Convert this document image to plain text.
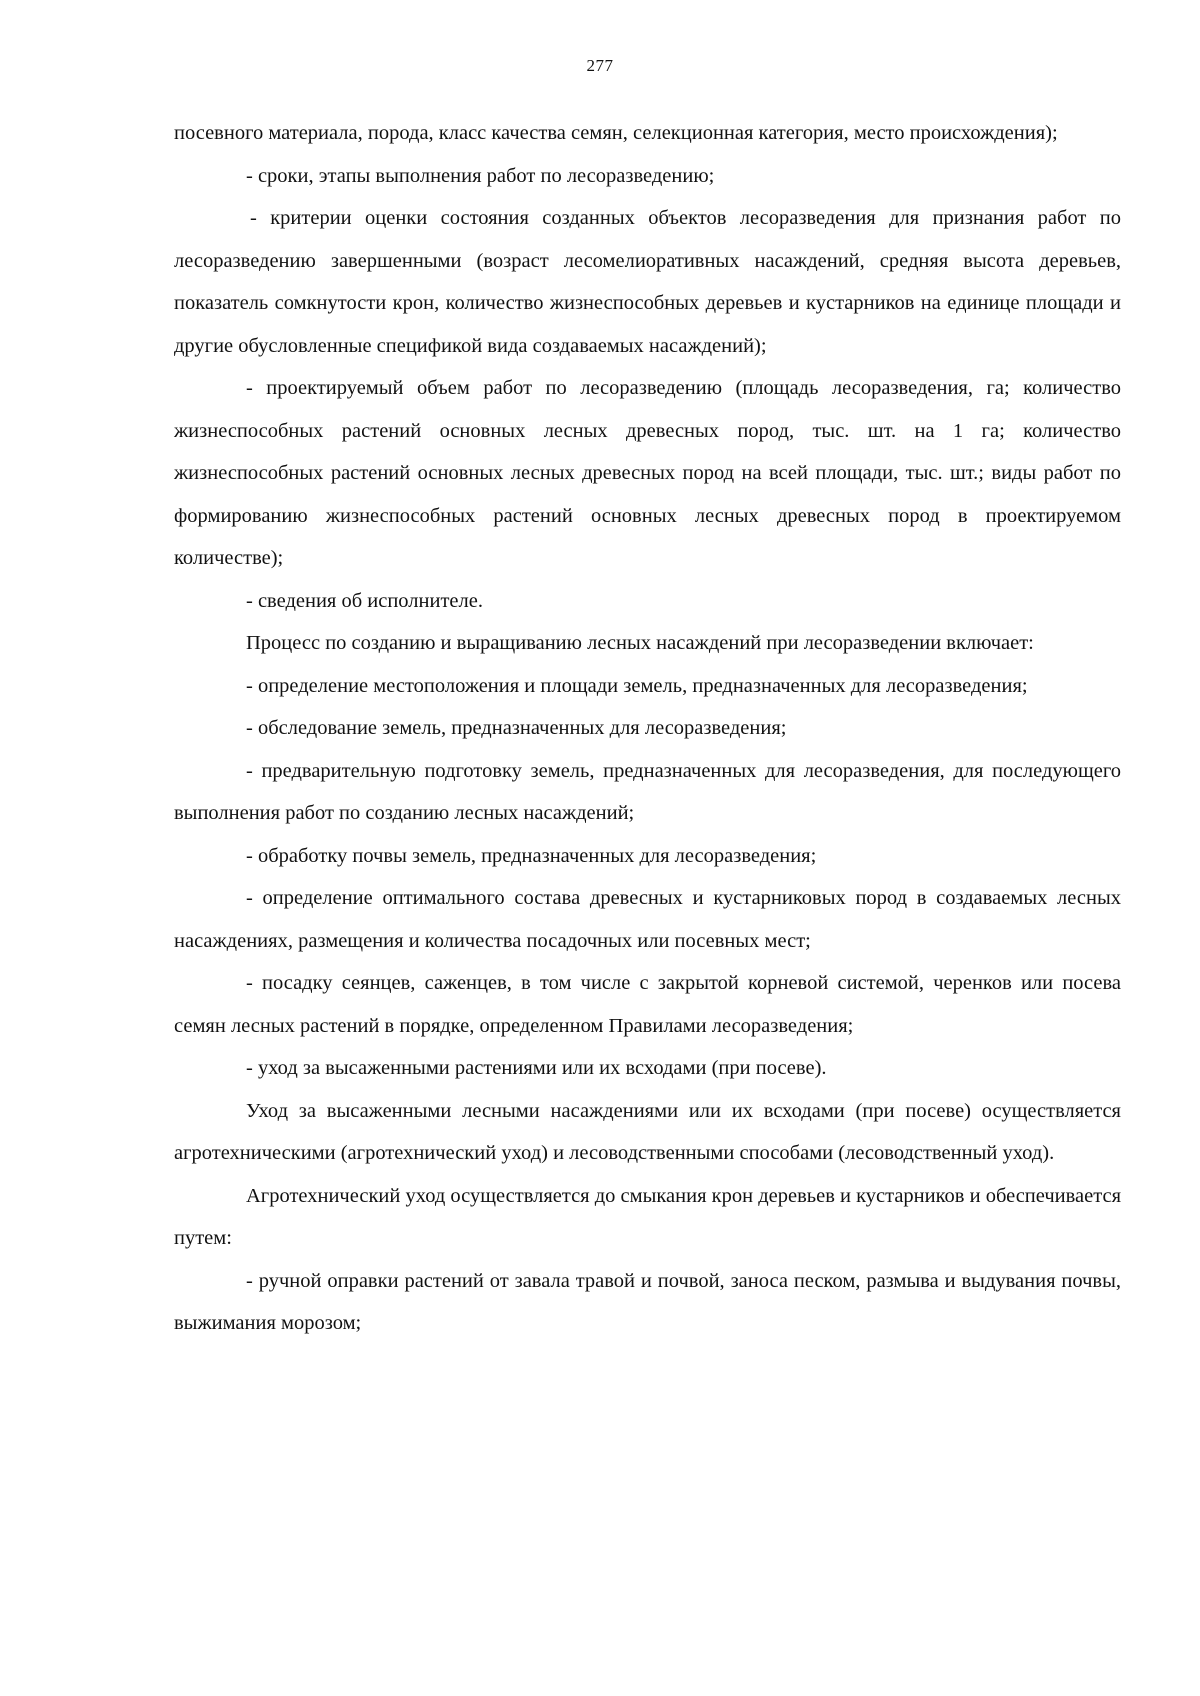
277

посевного материала, порода, класс качества семян, селекционная категория, место происхождения);

- сроки, этапы выполнения работ по лесоразведению;

- критерии оценки состояния созданных объектов лесоразведения для признания работ по лесоразведению завершенными (возраст лесомелиоративных насаждений, средняя высота деревьев, показатель сомкнутости крон, количество жизнеспособных деревьев и кустарников на единице площади и другие обусловленные спецификой вида создаваемых насаждений);

- проектируемый объем работ по лесоразведению (площадь лесоразведения, га; количество жизнеспособных растений основных лесных древесных пород, тыс. шт. на 1 га; количество жизнеспособных растений основных лесных древесных пород на всей площади, тыс. шт.; виды работ по формированию жизнеспособных растений основных лесных древесных пород в проектируемом количестве);

- сведения об исполнителе.

Процесс по созданию и выращиванию лесных насаждений при лесоразведении включает:

- определение местоположения и площади земель, предназначенных для лесоразведения;

- обследование земель, предназначенных для лесоразведения;

- предварительную подготовку земель, предназначенных для лесоразведения, для последующего выполнения работ по созданию лесных насаждений;

- обработку почвы земель, предназначенных для лесоразведения;

- определение оптимального состава древесных и кустарниковых пород в создаваемых лесных насаждениях, размещения и количества посадочных или посевных мест;

- посадку сеянцев, саженцев, в том числе с закрытой корневой системой, черенков или посева семян лесных растений в порядке, определенном Правилами лесоразведения;

- уход за высаженными растениями или их всходами (при посеве).

Уход за высаженными лесными насаждениями или их всходами (при посеве) осуществляется агротехническими (агротехнический уход) и лесоводственными способами (лесоводственный уход).

Агротехнический уход осуществляется до смыкания крон деревьев и кустарников и обеспечивается путем:

- ручной оправки растений от завала травой и почвой, заноса песком, размыва и выдувания почвы, выжимания морозом;
